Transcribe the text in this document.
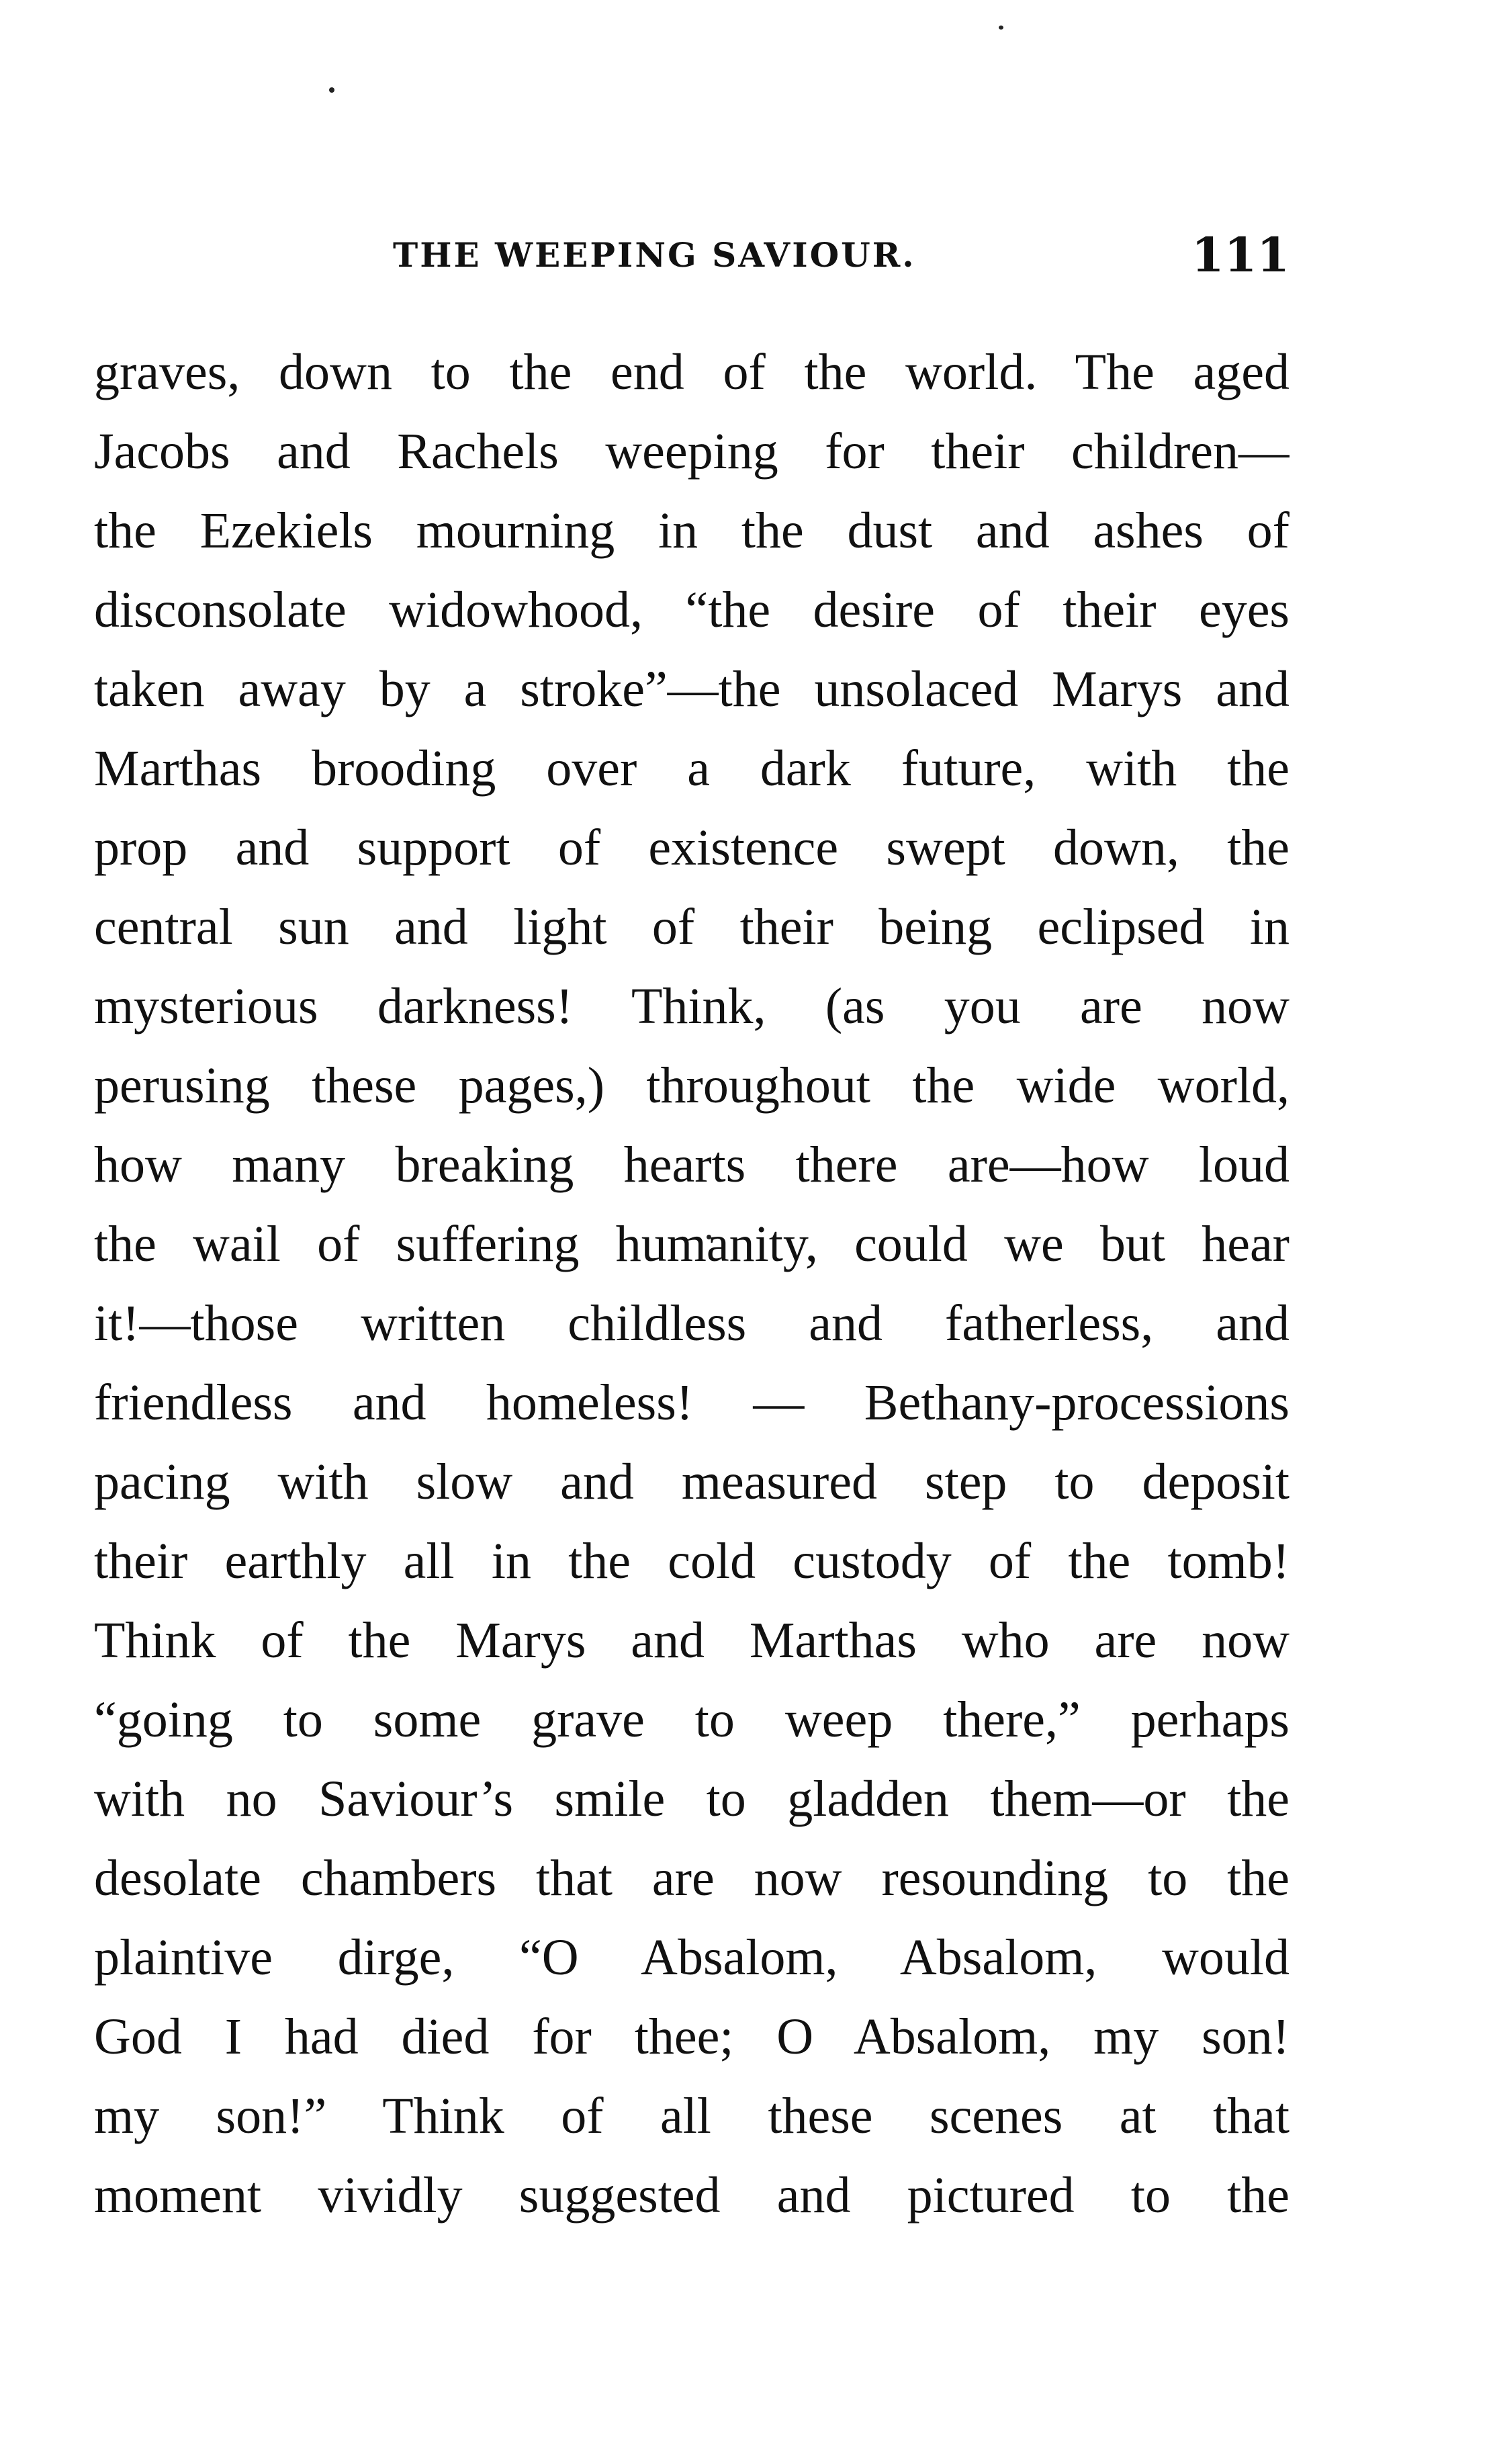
THE WEEPING SAVIOUR.	111
graves, down to the end of the world. The aged
Jacobs and Rachels weeping for their children—
the Ezekiels mourning in the dust and ashes of
disconsolate widowhood, “the desire of their eyes
taken away by a stroke”—the unsolaced Marys and
Marthas brooding over a dark future, with the
prop and support of existence swept down, the
central sun and light of their being eclipsed in
mysterious darkness! Think, (as you are now
perusing these pages,) throughout the wide world,
how many breaking hearts there are—how loud
the wail of suffering humanity, could we but hear
it!—those written childless and fatherless, and
friendless and homeless! — Bethany-processions
pacing with slow and measured step to deposit
their earthly all in the cold custody of the tomb!
Think of the Marys and Marthas who are now
“going to some grave to weep there,” perhaps
with no Saviour’s smile to gladden them—or the
desolate chambers that are now resounding to the
plaintive dirge, “O Absalom, Absalom, would
God I had died for thee; O Absalom, my son!
my son!” Think of all these scenes at that
moment vividly suggested and pictured to the
